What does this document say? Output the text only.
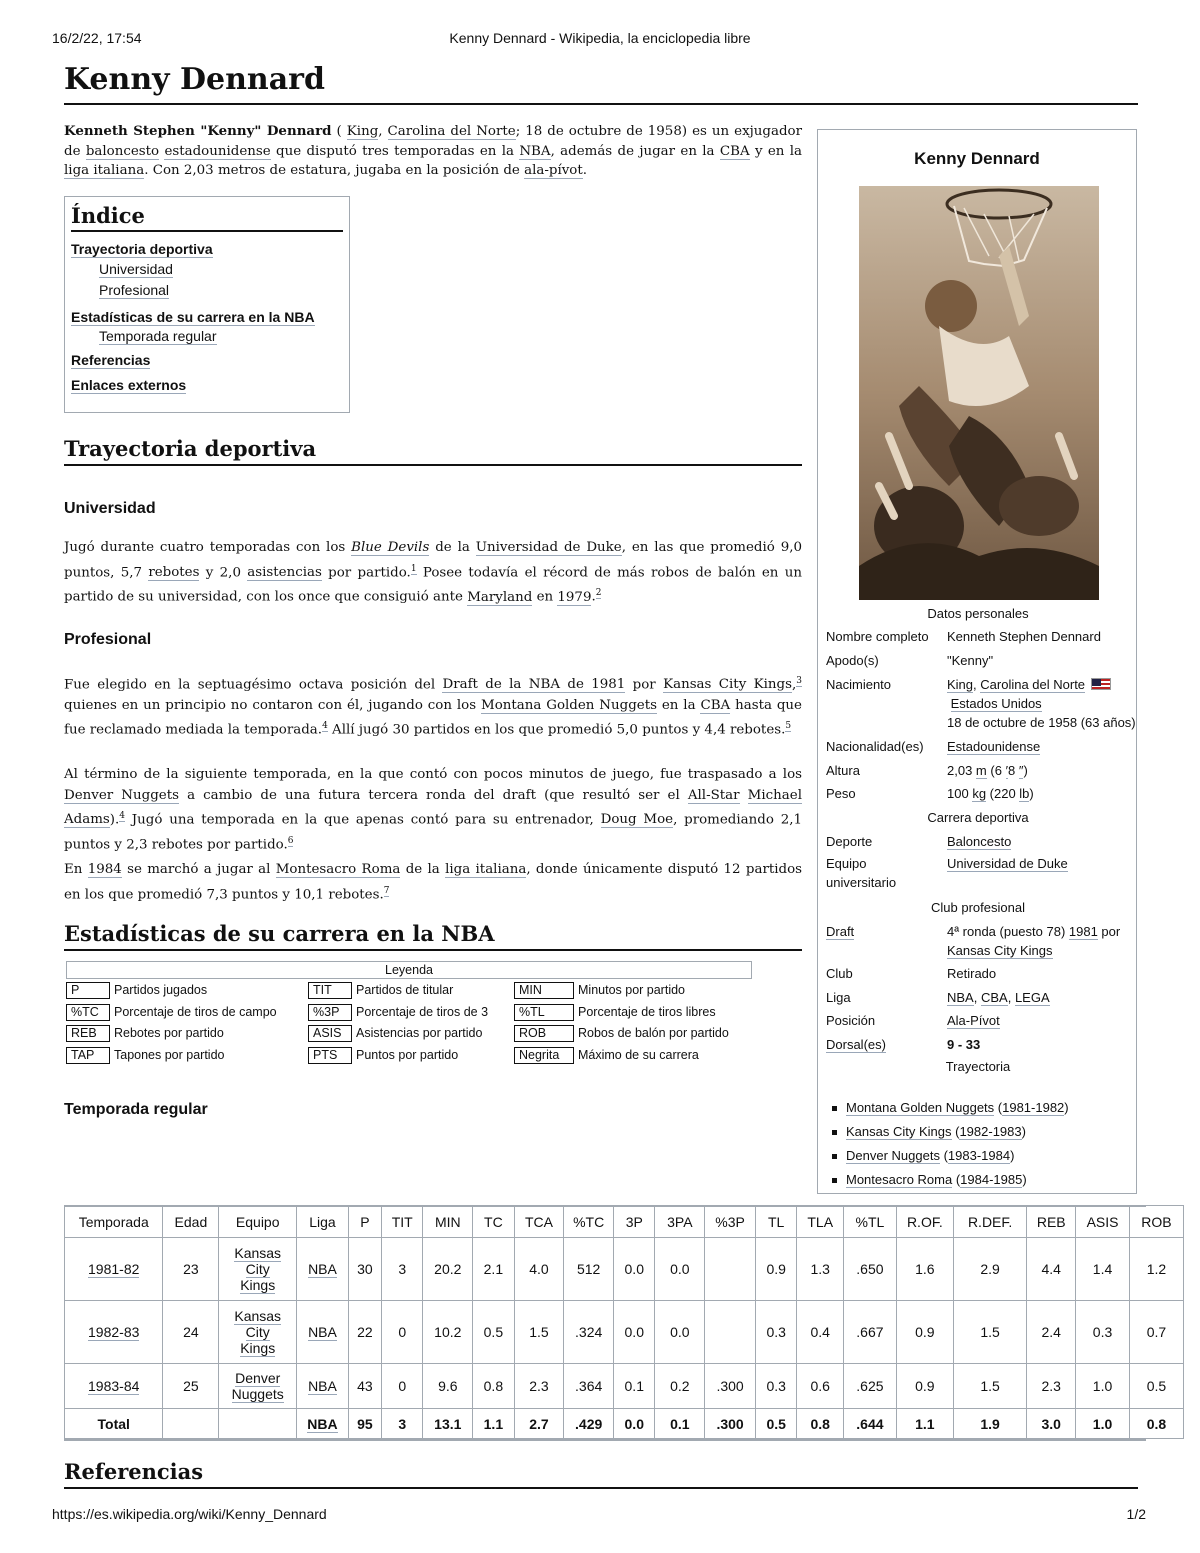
16/2/22, 17:54	Kenny Dennard - Wikipedia, la enciclopedia libre
https://es.wikipedia.org/wiki/Kenny_Dennard	1/2
Kenny Dennard

Kenneth Stephen "Kenny" Dennard ( King, Carolina del Norte; 18 de octubre de 1958) es un exjugador de baloncesto estadounidense que disputó tres temporadas en la NBA, además de jugar en la CBA y en la liga italiana. Con 2,03 metros de estatura, jugaba en la posición de ala-pívot.

Índice
Trayectoria deportiva
Universidad
Profesional
Estadísticas de su carrera en la NBA
Temporada regular
Referencias
Enlaces externos
Trayectoria deportiva
Universidad

Jugó durante cuatro temporadas con los Blue Devils de la Universidad de Duke, en las que promedió 9,0 puntos, 5,7 rebotes y 2,0 asistencias por partido.$^1$ Posee todavía el récord de más robos de balón en un partido de su universidad, con los once que consiguió ante Maryland en 1979.$^2$

Profesional

Fue elegido en la septuagésimo octava posición del Draft de la NBA de 1981 por Kansas City Kings,$^3$ quienes en un principio no contaron con él, jugando con los Montana Golden Nuggets en la CBA hasta que fue reclamado mediada la temporada.$^4$ Allí jugó 30 partidos en los que promedió 5,0 puntos y 4,4 rebotes.$^5$

Al término de la siguiente temporada, en la que contó con pocos minutos de juego, fue traspasado a los Denver Nuggets a cambio de una futura tercera ronda del draft (que resultó ser el All-Star Michael Adams).$^4$ Jugó una temporada en la que apenas contó para su entrenador, Doug Moe, promediando 2,1 puntos y 2,3 rebotes por partido.$^6$

En 1984 se marchó a jugar al Montesacro Roma de la liga italiana, donde únicamente disputó 12 partidos en los que promedió 7,3 puntos y 10,1 rebotes.$^7$

Estadísticas de su carrera en la NBA
Leyenda
P	Partidos jugados	TIT Partidos de titular	MIN	Minutos por partido
%TC Porcentaje de tiros de campo	%3P Porcentaje de tiros de 3	%TL	Porcentaje de tiros libres
REB Rebotes por partido	ASIS Asistencias por partido	ROB	Robos de balón por partido
TAP Tapones por partido	PTS Puntos por partido	Negrita Máximo de su carrera
Temporada regular
Temporada	Edad	Equipo	Liga	P	TIT	MIN	TC	TCA	%TC	3P	3PA	%3P	TL	TLA	%TL	R.OF.	R.DEF.	REB	ASIS	ROB
1981-82	23	Kansas
City
Kings	NBA	30	3	20.2	2.1	4.0	512	0.0	0.0		0.9	1.3	.650	1.6	2.9	4.4	1.4	1.2
1982-83	24	Kansas
City
Kings	NBA	22	0	10.2	0.5	1.5	.324	0.0	0.0		0.3	0.4	.667	0.9	1.5	2.4	0.3	0.7
1983-84	25	Denver
Nuggets	NBA	43	0	9.6	0.8	2.3	.364	0.1	0.2	.300	0.3	0.6	.625	0.9	1.5	2.3	1.0	0.5
Total			NBA	95	3	13.1	1.1	2.7	.429	0.0	0.1	.300	0.5	0.8	.644	1.1	1.9	3.0	1.0	0.8
Referencias
Kenny Dennard
Datos personales
Nombre completo	Kenneth Stephen Dennard
Apodo(s)	"Kenny"
Nacimiento	King, Carolina del Norte
Estados Unidos
18 de octubre de 1958 (63 años)
Nacionalidad(es)	Estadounidense
Altura	2,03 m (6 ′8 ″)
Peso	100 kg (220 lb)
Carrera deportiva
Deporte	Baloncesto
Equipo universitario
Universidad de Duke
Club profesional
Draft	4ª ronda (puesto 78) 1981 por Kansas City Kings
Club	Retirado
Liga	NBA, CBA, LEGA
Posición	Ala-Pívot
Dorsal(es)	9 - 33
Trayectoria
Montana Golden Nuggets (1981-1982)
Kansas City Kings (1982-1983)
Denver Nuggets (1983-1984)
Montesacro Roma (1984-1985)
